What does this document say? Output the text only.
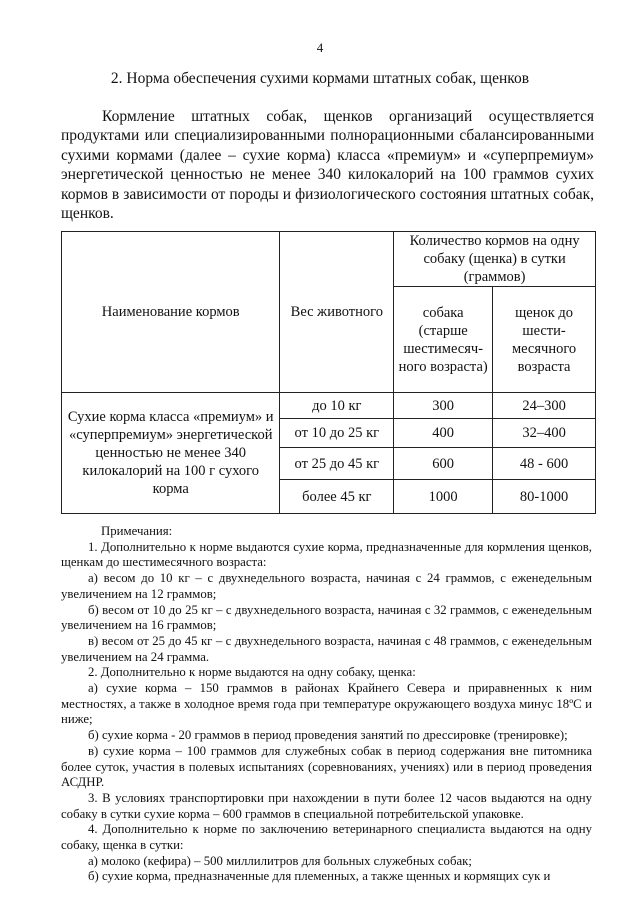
4
2. Норма обеспечения сухими кормами штатных собак, щенков

Кормление штатных собак, щенков организаций осуществляется продуктами или специализированными полнорационными сбалансированными сухими кормами (далее – сухие корма) класса «премиум» и «суперпремиум» энергетической ценностью не менее 340 килокалорий на 100 граммов сухих кормов в зависимости от породы и физиологического состояния штатных собак, щенков.

Наименование кормов	Вес животного	Количество кормов на одну собаку (щенка) в сутки (граммов)	
		собака (старше шестимесяч-ного возраста)	щенок до шести-месячного возраста
Сухие корма класса «премиум» и «суперпремиум» энергетической ценностью не менее 340 килокалорий на 100 г сухого корма	до 10 кг	300	24–300
	от 10 до 25 кг	400	32–400
	от 25 до 45 кг	600	48 - 600
	более 45 кг	1000	80-1000

Примечания:

1. Дополнительно к норме выдаются сухие корма, предназначенные для кормления щенков, щенкам до шестимесячного возраста:

а) весом до 10 кг – с двухнедельного возраста, начиная с 24 граммов, с еженедельным увеличением на 12 граммов;

б) весом от 10 до 25 кг – с двухнедельного возраста, начиная с 32 граммов, с еженедельным увеличением на 16 граммов;

в) весом от 25 до 45 кг – с двухнедельного возраста, начиная с 48 граммов, с еженедельным увеличением на 24 грамма.

2. Дополнительно к норме выдаются на одну собаку, щенка:

а) сухие корма – 150 граммов в районах Крайнего Севера и приравненных к ним местностях, а также в холодное время года при температуре окружающего воздуха минус 18ºС и ниже;

б) сухие корма - 20 граммов в период проведения занятий по дрессировке (тренировке);

в) сухие корма – 100 граммов для служебных собак в период содержания вне питомника более суток, участия в полевых испытаниях (соревнованиях, учениях) или в период проведения АСДНР.

3. В условиях транспортировки при нахождении в пути более 12 часов выдаются на одну собаку в сутки сухие корма – 600 граммов в специальной потребительской упаковке.

4. Дополнительно к норме по заключению ветеринарного специалиста выдаются на одну собаку, щенка в сутки:

а) молоко (кефира) – 500 миллилитров для больных служебных собак;

б) сухие корма, предназначенные для племенных, а также щенных и кормящих сук и
